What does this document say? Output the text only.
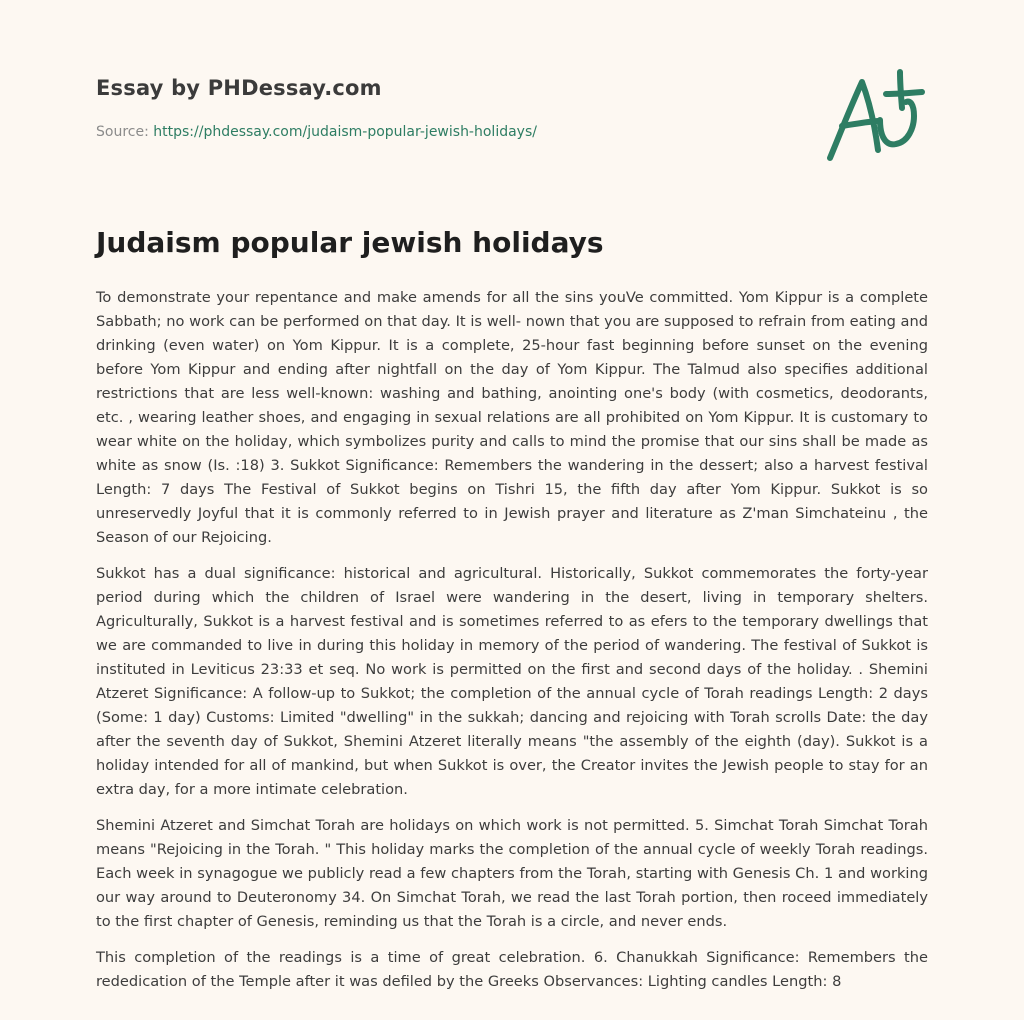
Essay by PHDessay.com
Source: https://phdessay.com/judaism-popular-jewish-holidays/
Judaism popular jewish holidays

To demonstrate your repentance and make amends for all the sins youVe committed. Yom Kippur is a complete Sabbath; no work can be performed on that day. It is well- nown that you are supposed to refrain from eating and drinking (even water) on Yom Kippur. It is a complete, 25-hour fast beginning before sunset on the evening before Yom Kippur and ending after nightfall on the day of Yom Kippur. The Talmud also specifies additional restrictions that are less well-known: washing and bathing, anointing one's body (with cosmetics, deodorants, etc. , wearing leather shoes, and engaging in sexual relations are all prohibited on Yom Kippur. It is customary to wear white on the holiday, which symbolizes purity and calls to mind the promise that our sins shall be made as white as snow (Is. :18) 3. Sukkot Significance: Remembers the wandering in the dessert; also a harvest festival Length: 7 days The Festival of Sukkot begins on Tishri 15, the fifth day after Yom Kippur. Sukkot is so unreservedly Joyful that it is commonly referred to in Jewish prayer and literature as Z'man Simchateinu , the Season of our Rejoicing.

Sukkot has a dual significance: historical and agricultural. Historically, Sukkot commemorates the forty-year period during which the children of Israel were wandering in the desert, living in temporary shelters. Agriculturally, Sukkot is a harvest festival and is sometimes referred to as efers to the temporary dwellings that we are commanded to live in during this holiday in memory of the period of wandering. The festival of Sukkot is instituted in Leviticus 23:33 et seq. No work is permitted on the first and second days of the holiday. . Shemini Atzeret Significance: A follow-up to Sukkot; the completion of the annual cycle of Torah readings Length: 2 days (Some: 1 day) Customs: Limited "dwelling" in the sukkah; dancing and rejoicing with Torah scrolls Date: the day after the seventh day of Sukkot, Shemini Atzeret literally means "the assembly of the eighth (day). Sukkot is a holiday intended for all of mankind, but when Sukkot is over, the Creator invites the Jewish people to stay for an extra day, for a more intimate celebration.

Shemini Atzeret and Simchat Torah are holidays on which work is not permitted. 5. Simchat Torah Simchat Torah means "Rejoicing in the Torah. " This holiday marks the completion of the annual cycle of weekly Torah readings. Each week in synagogue we publicly read a few chapters from the Torah, starting with Genesis Ch. 1 and working our way around to Deuteronomy 34. On Simchat Torah, we read the last Torah portion, then roceed immediately to the first chapter of Genesis, reminding us that the Torah is a circle, and never ends.

This completion of the readings is a time of great celebration. 6. Chanukkah Significance: Remembers the rededication of the Temple after it was defiled by the Greeks Observances: Lighting candles Length: 8
